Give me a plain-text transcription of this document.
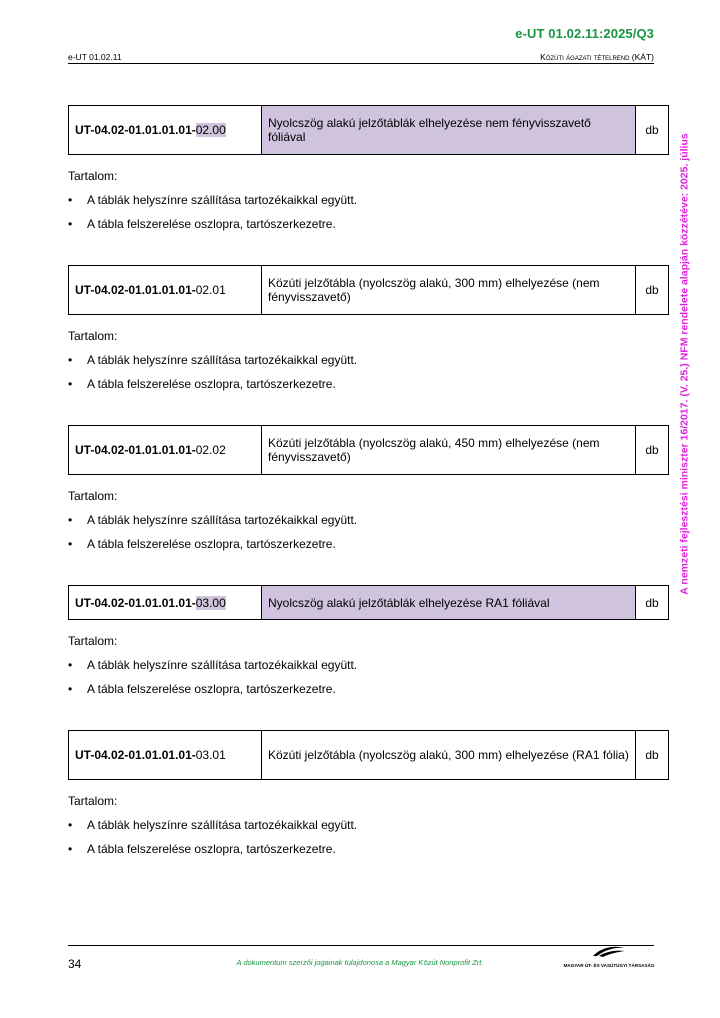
e-UT 01.02.11:2025/Q3
e-UT 01.02.11	Közúti ágazati tételrend (KÁT)
A nemzeti fejlesztési miniszter 16/2017. (V. 25.) NFM rendelete alapján közzétéve: 2025. július
UT-04.02-01.01.01.01-02.00	Nyolcszög alakú jelzőtáblák elhelyezése nem fényvisszavető fóliával	db
Tartalom:
• A táblák helyszínre szállítása tartozékaikkal együtt.
• A tábla felszerelése oszlopra, tartószerkezetre.
UT-04.02-01.01.01.01-02.01	Közúti jelzőtábla (nyolcszög alakú, 300 mm) elhelyezése (nem fényvisszavető)	db
Tartalom:
• A táblák helyszínre szállítása tartozékaikkal együtt.
• A tábla felszerelése oszlopra, tartószerkezetre.
UT-04.02-01.01.01.01-02.02	Közúti jelzőtábla (nyolcszög alakú, 450 mm) elhelyezése (nem fényvisszavető)	db
Tartalom:
• A táblák helyszínre szállítása tartozékaikkal együtt.
• A tábla felszerelése oszlopra, tartószerkezetre.
UT-04.02-01.01.01.01-03.00	Nyolcszög alakú jelzőtáblák elhelyezése RA1 fóliával	db
Tartalom:
• A táblák helyszínre szállítása tartozékaikkal együtt.
• A tábla felszerelése oszlopra, tartószerkezetre.
UT-04.02-01.01.01.01-03.01	Közúti jelzőtábla (nyolcszög alakú, 300 mm) elhelyezése (RA1 fólia)	db
Tartalom:
• A táblák helyszínre szállítása tartozékaikkal együtt.
• A tábla felszerelése oszlopra, tartószerkezetre.
34	A dokumentum szerzői jogainak tulajdonosa a Magyar Közút Nonprofit Zrt.	MAGYAR ÚT- ÉS VASÚTÜGYI TÁRSASÁG
